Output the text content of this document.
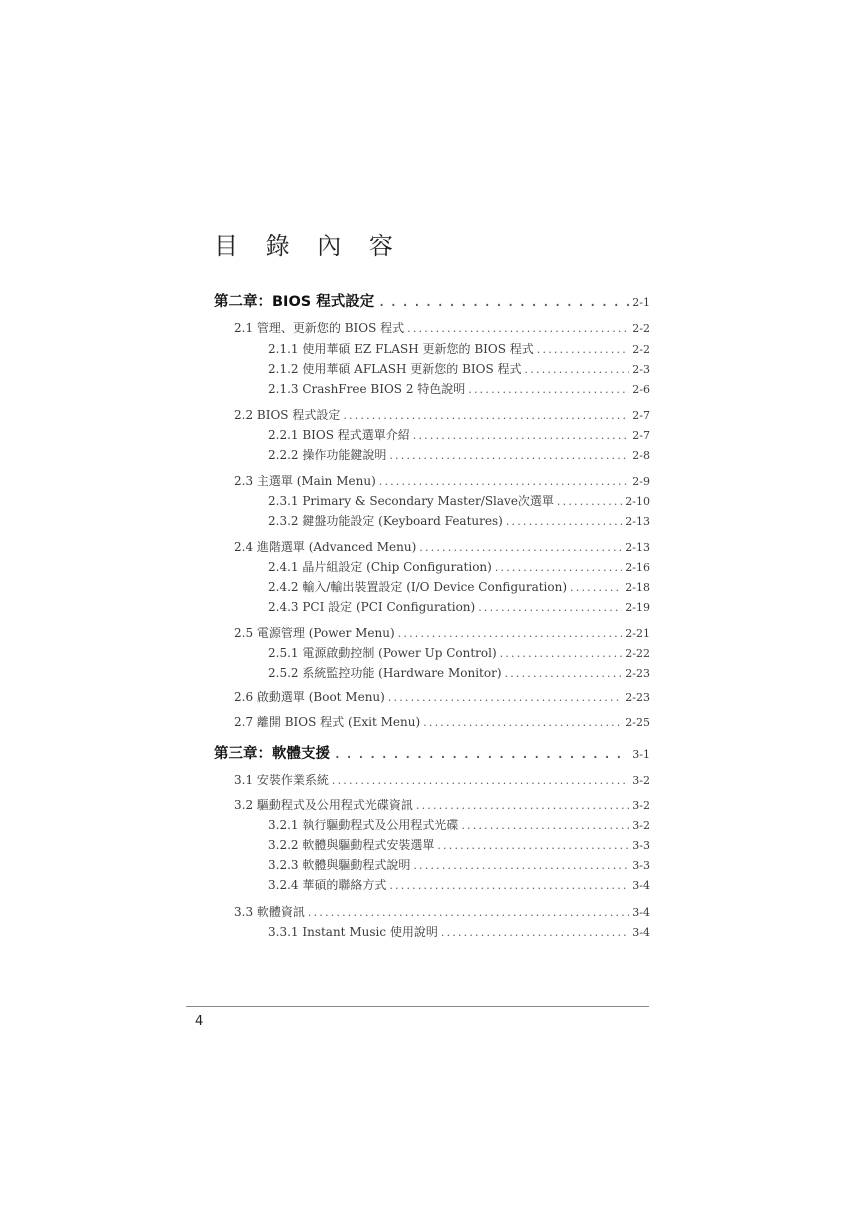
目 錄 內 容
第二章：BIOS 程式設定 .....	2-1
2.1 管理、更新您的 BIOS 程式 .....	2-2
2.1.1 使用華碩 EZ FLASH 更新您的 BIOS 程式 .....	2-2
2.1.2 使用華碩 AFLASH 更新您的 BIOS 程式 .....	2-3
2.1.3 CrashFree BIOS 2 特色說明 .....	2-6
2.2 BIOS 程式設定 .....	2-7
2.2.1 BIOS 程式選單介紹 .....	2-7
2.2.2 操作功能鍵說明 .....	2-8
2.3 主選單 (Main Menu) .....	2-9
2.3.1 Primary & Secondary Master/Slave次選單 .....	2-10
2.3.2 鍵盤功能設定 (Keyboard Features) .....	2-13
2.4 進階選單 (Advanced Menu) .....	2-13
2.4.1 晶片組設定 (Chip Configuration) .....	2-16
2.4.2 輸入/輸出裝置設定 (I/O Device Configuration) .....	2-18
2.4.3 PCI 設定 (PCI Configuration) .....	2-19
2.5 電源管理 (Power Menu) .....	2-21
2.5.1 電源啟動控制 (Power Up Control) .....	2-22
2.5.2 系統監控功能 (Hardware Monitor) .....	2-23
2.6 啟動選單 (Boot Menu) .....	2-23
2.7 離開 BIOS 程式 (Exit Menu) .....	2-25
第三章：軟體支援 .....	3-1
3.1 安裝作業系統 .....	3-2
3.2 驅動程式及公用程式光碟資訊 .....	3-2
3.2.1 執行驅動程式及公用程式光碟 .....	3-2
3.2.2 軟體與驅動程式安裝選單 .....	3-3
3.2.3 軟體與驅動程式說明 .....	3-3
3.2.4 華碩的聯絡方式 .....	3-4
3.3 軟體資訊 .....	3-4
3.3.1 Instant Music 使用說明 .....	3-4
4
